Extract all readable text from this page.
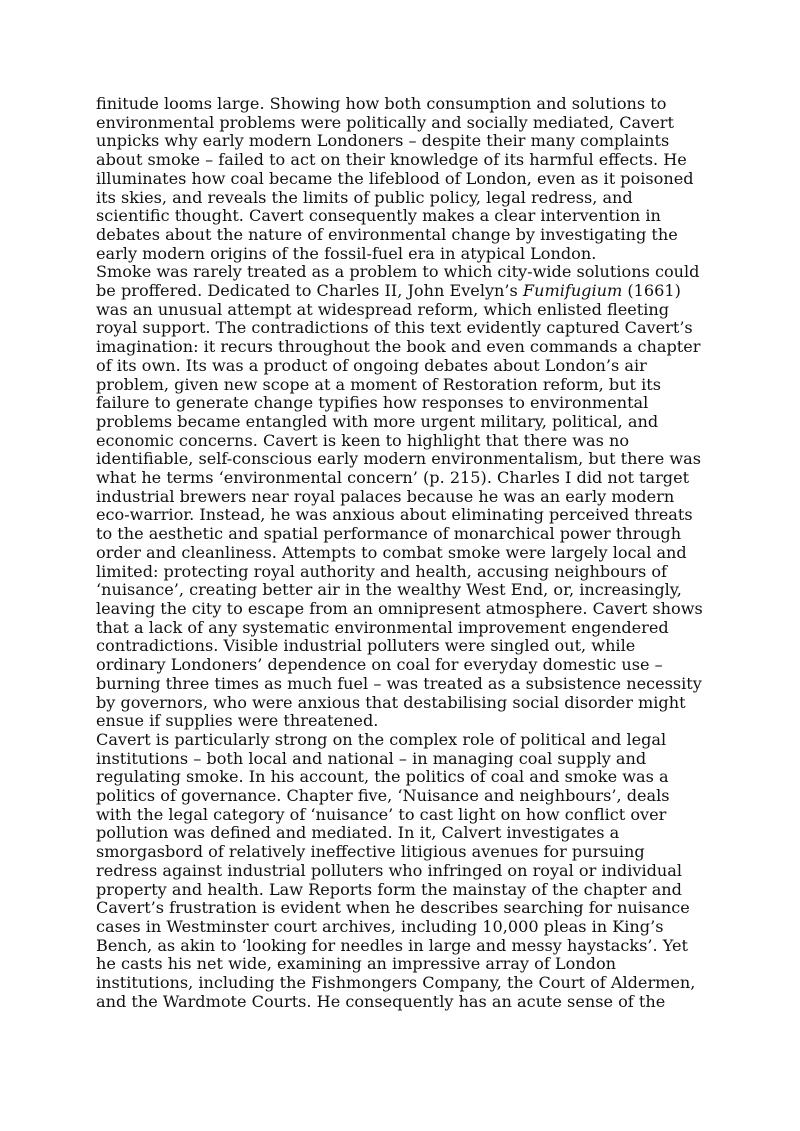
finitude looms large. Showing how both consumption and solutions to environmental problems were politically and socially mediated, Cavert unpicks why early modern Londoners – despite their many complaints about smoke – failed to act on their knowledge of its harmful effects. He illuminates how coal became the lifeblood of London, even as it poisoned its skies, and reveals the limits of public policy, legal redress, and scientific thought. Cavert consequently makes a clear intervention in debates about the nature of environmental change by investigating the early modern origins of the fossil-fuel era in atypical London.

Smoke was rarely treated as a problem to which city-wide solutions could be proffered. Dedicated to Charles II, John Evelyn’s Fumifugium (1661) was an unusual attempt at widespread reform, which enlisted fleeting royal support. The contradictions of this text evidently captured Cavert’s imagination: it recurs throughout the book and even commands a chapter of its own. Its was a product of ongoing debates about London’s air problem, given new scope at a moment of Restoration reform, but its failure to generate change typifies how responses to environmental problems became entangled with more urgent military, political, and economic concerns. Cavert is keen to highlight that there was no identifiable, self-conscious early modern environmentalism, but there was what he terms ‘environmental concern’ (p. 215). Charles I did not target industrial brewers near royal palaces because he was an early modern eco-warrior. Instead, he was anxious about eliminating perceived threats to the aesthetic and spatial performance of monarchical power through order and cleanliness. Attempts to combat smoke were largely local and limited: protecting royal authority and health, accusing neighbours of ‘nuisance’, creating better air in the wealthy West End, or, increasingly, leaving the city to escape from an omnipresent atmosphere. Cavert shows that a lack of any systematic environmental improvement engendered contradictions. Visible industrial polluters were singled out, while ordinary Londoners’ dependence on coal for everyday domestic use – burning three times as much fuel – was treated as a subsistence necessity by governors, who were anxious that destabilising social disorder might ensue if supplies were threatened.

Cavert is particularly strong on the complex role of political and legal institutions – both local and national – in managing coal supply and regulating smoke. In his account, the politics of coal and smoke was a politics of governance. Chapter five, ‘Nuisance and neighbours’, deals with the legal category of ‘nuisance’ to cast light on how conflict over pollution was defined and mediated. In it, Calvert investigates a smorgasbord of relatively ineffective litigious avenues for pursuing redress against industrial polluters who infringed on royal or individual property and health. Law Reports form the mainstay of the chapter and Cavert’s frustration is evident when he describes searching for nuisance cases in Westminster court archives, including 10,000 pleas in King’s Bench, as akin to ‘looking for needles in large and messy haystacks’. Yet he casts his net wide, examining an impressive array of London institutions, including the Fishmongers Company, the Court of Aldermen, and the Wardmote Courts. He consequently has an acute sense of the
